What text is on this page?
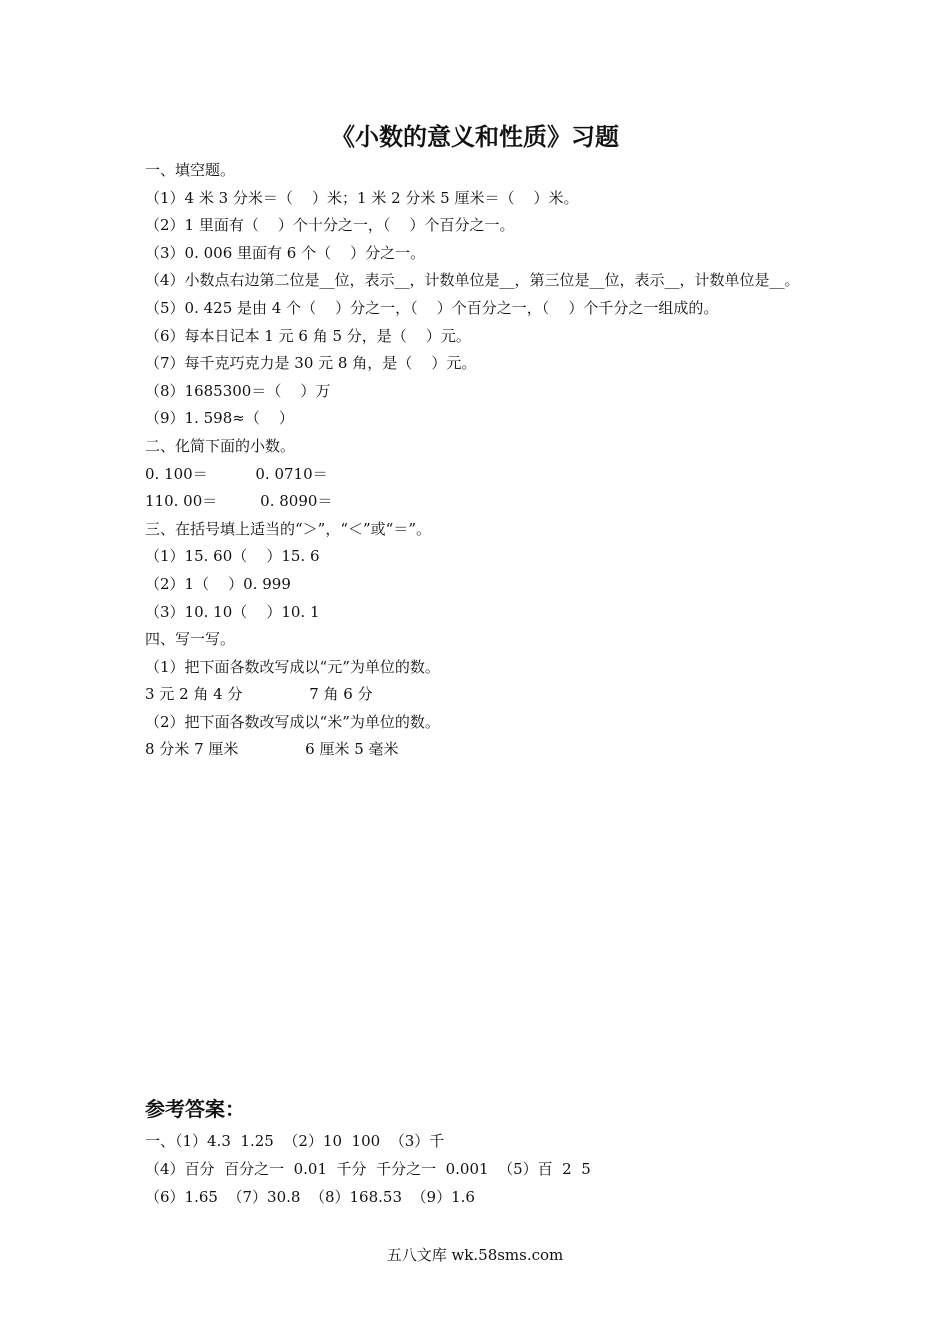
《小数的意义和性质》习题
一、填空题。
（1）4 米 3 分米＝（    ）米；1 米 2 分米 5 厘米＝（    ）米。
（2）1 里面有（    ）个十分之一，（    ）个百分之一。
（3）0. 006 里面有 6 个（    ）分之一。
（4）小数点右边第二位是__位，表示__，计数单位是__，第三位是__位，表示__，计数单位是__。
（5）0. 425 是由 4 个（    ）分之一，（    ）个百分之一，（    ）个千分之一组成的。
（6）每本日记本 1 元 6 角 5 分，是（    ）元。
（7）每千克巧克力是 30 元 8 角，是（    ）元。
（8）1685300＝（    ）万
（9）1. 598≈（    ）
二、化简下面的小数。
0. 100＝          0. 0710＝
110. 00＝         0. 8090＝
三、在括号填上适当的“＞”，“＜”或“＝”。
（1）15. 60（    ）15. 6
（2）1（    ）0. 999
（3）10. 10（    ）10. 1
四、写一写。
（1）把下面各数改写成以“元”为单位的数。
3 元 2 角 4 分              7 角 6 分
（2）把下面各数改写成以“米”为单位的数。
8 分米 7 厘米              6 厘米 5 毫米
参考答案：
一、（1）4.3  1.25  （2）10  100  （3）千
（4）百分  百分之一  0.01  千分  千分之一  0.001  （5）百  2  5
（6）1.65  （7）30.8  （8）168.53  （9）1.6
五八文库 wk.58sms.com
